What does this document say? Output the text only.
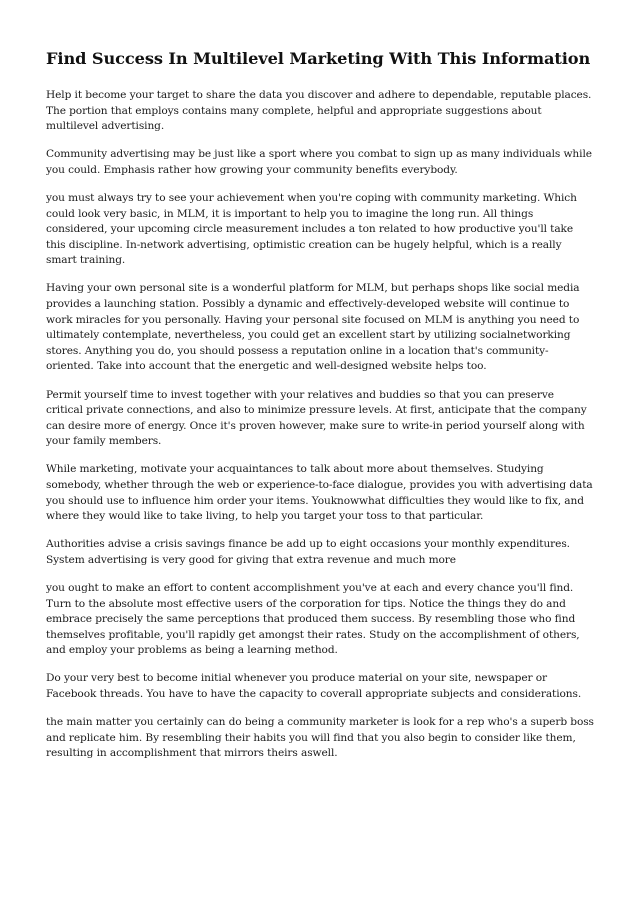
Find Success In Multilevel Marketing With This Information

Help it become your target to share the data you discover and adhere to dependable, reputable places. The portion that employs contains many complete, helpful and appropriate suggestions about multilevel advertising.

Community advertising may be just like a sport where you combat to sign up as many individuals while you could. Emphasis rather how growing your community benefits everybody.

you must always try to see your achievement when you're coping with community marketing. Which could look very basic, in MLM, it is important to help you to imagine the long run. All things considered, your upcoming circle measurement includes a ton related to how productive you'll take this discipline. In-network advertising, optimistic creation can be hugely helpful, which is a really smart training.

Having your own personal site is a wonderful platform for MLM, but perhaps shops like social media provides a launching station. Possibly a dynamic and effectively-developed website will continue to work miracles for you personally. Having your personal site focused on MLM is anything you need to ultimately contemplate, nevertheless, you could get an excellent start by utilizing socialnetworking stores. Anything you do, you should possess a reputation online in a location that's community-oriented. Take into account that the energetic and well-designed website helps too.

Permit yourself time to invest together with your relatives and buddies so that you can preserve critical private connections, and also to minimize pressure levels. At first, anticipate that the company can desire more of energy. Once it's proven however, make sure to write-in period yourself along with your family members.

While marketing, motivate your acquaintances to talk about more about themselves. Studying somebody, whether through the web or experience-to-face dialogue, provides you with advertising data you should use to influence him order your items. Youknowwhat difficulties they would like to fix, and where they would like to take living, to help you target your toss to that particular.

Authorities advise a crisis savings finance be add up to eight occasions your monthly expenditures. System advertising is very good for giving that extra revenue and much more

you ought to make an effort to content accomplishment you've at each and every chance you'll find. Turn to the absolute most effective users of the corporation for tips. Notice the things they do and embrace precisely the same perceptions that produced them success. By resembling those who find themselves profitable, you'll rapidly get amongst their rates. Study on the accomplishment of others, and employ your problems as being a learning method.

Do your very best to become initial whenever you produce material on your site, newspaper or Facebook threads. You have to have the capacity to coverall appropriate subjects and considerations.

the main matter you certainly can do being a community marketer is look for a rep who's a superb boss and replicate him. By resembling their habits you will find that you also begin to consider like them, resulting in accomplishment that mirrors theirs aswell.
